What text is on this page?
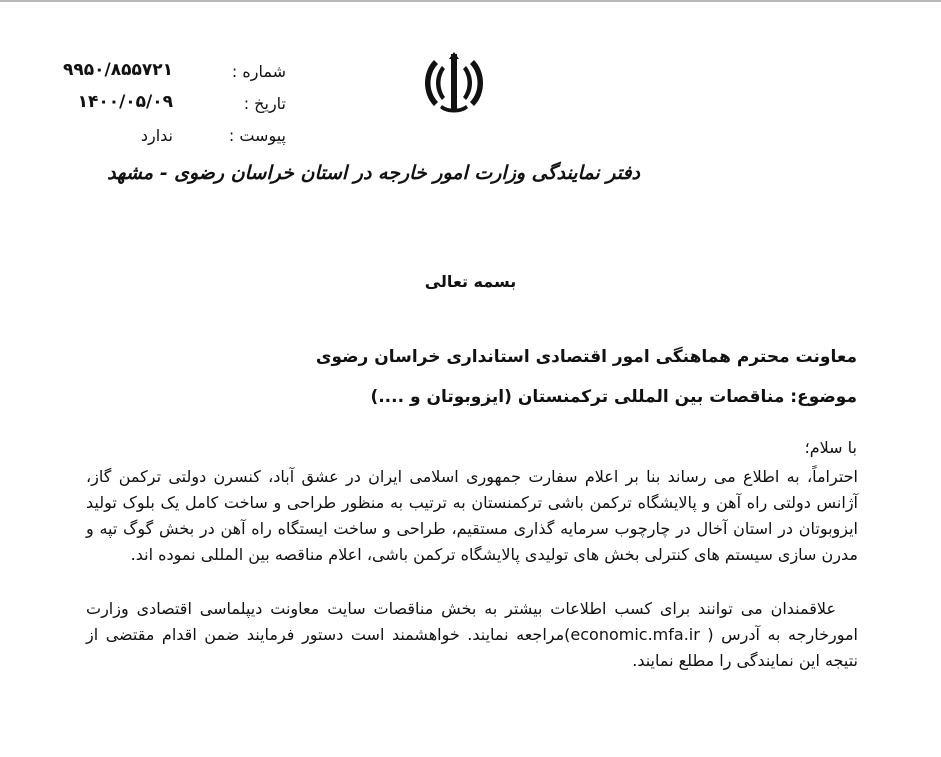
شماره :
۹۹۵۰/۸۵۵۷۲۱
تاریخ :
۱۴۰۰/۰۵/۰۹
پیوست :
ندارد
دفتر نمایندگی وزارت امور خارجه در استان خراسان رضوی - مشهد
بسمه تعالی
معاونت محترم هماهنگی امور اقتصادی استانداری خراسان رضوی
موضوع: مناقصات بین المللی ترکمنستان (ایزوبوتان و ....)
با سلام؛

احتراماً، به اطلاع می رساند بنا بر اعلام سفارت جمهوری اسلامی ایران در عشق آباد، کنسرن دولتی ترکمن گاز، آژانس دولتی راه آهن و پالایشگاه ترکمن باشی ترکمنستان به ترتیب به منظور طراحی و ساخت کامل یک بلوک تولید ایزوبوتان در استان آخال در چارچوب سرمایه گذاری مستقیم، طراحی و ساخت ایستگاه راه آهن در بخش گوگ تپه و مدرن سازی سیستم های کنترلی بخش های تولیدی پالایشگاه ترکمن باشی، اعلام مناقصه بین المللی نموده اند.

علاقمندان می توانند برای کسب اطلاعات بیشتر به بخش مناقصات سایت معاونت دیپلماسی اقتصادی وزارت امورخارجه به آدرس ( economic.mfa.ir)مراجعه نمایند. خواهشمند است دستور فرمایند ضمن اقدام مقتضی از نتیجه این نمایندگی را مطلع نمایند.
